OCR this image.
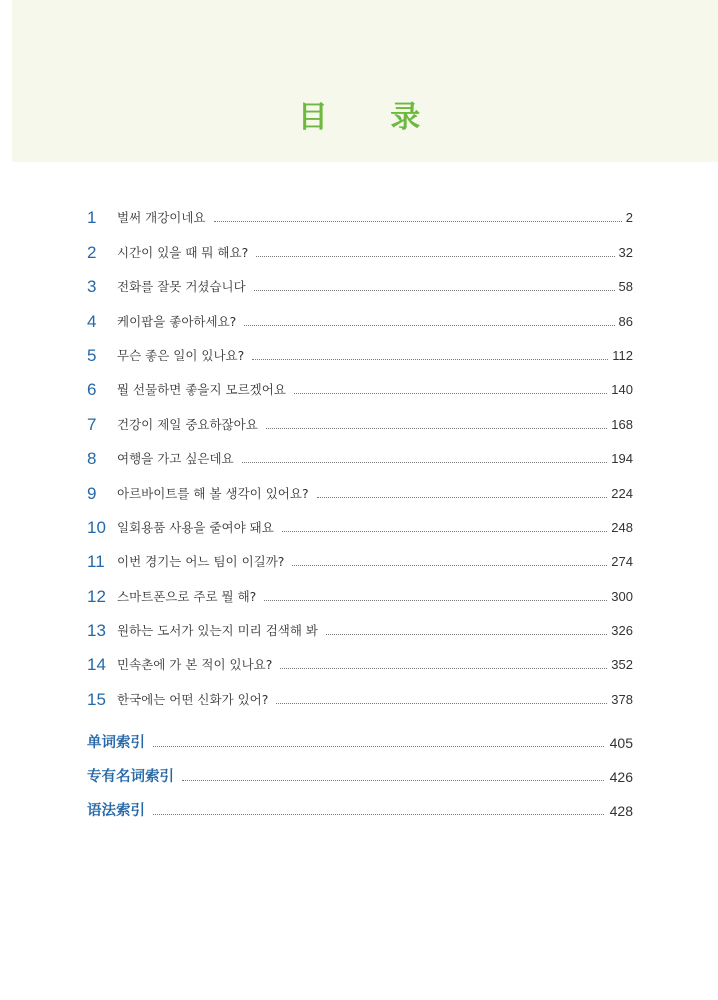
目 录
1	벌써 개강이네요	2
2	시간이 있을 때 뭐 해요?	32
3	전화를 잘못 거셨습니다	58
4	케이팝을 좋아하세요?	86
5	무슨 좋은 일이 있나요?	112
6	뭘 선물하면 좋을지 모르겠어요	140
7	건강이 제일 중요하잖아요	168
8	여행을 가고 싶은데요	194
9	아르바이트를 해 볼 생각이 있어요?	224
10 일회용품 사용을 줄여야 돼요	248
11 이번 경기는 어느 팀이 이길까?	274
12 스마트폰으로 주로 뭘 해?	300
13 원하는 도서가 있는지 미리 검색해 봐	326
14 민속촌에 가 본 적이 있나요?	352
15 한국에는 어떤 신화가 있어?	378
单词索引	405
专有名词索引	426
语法索引	428
